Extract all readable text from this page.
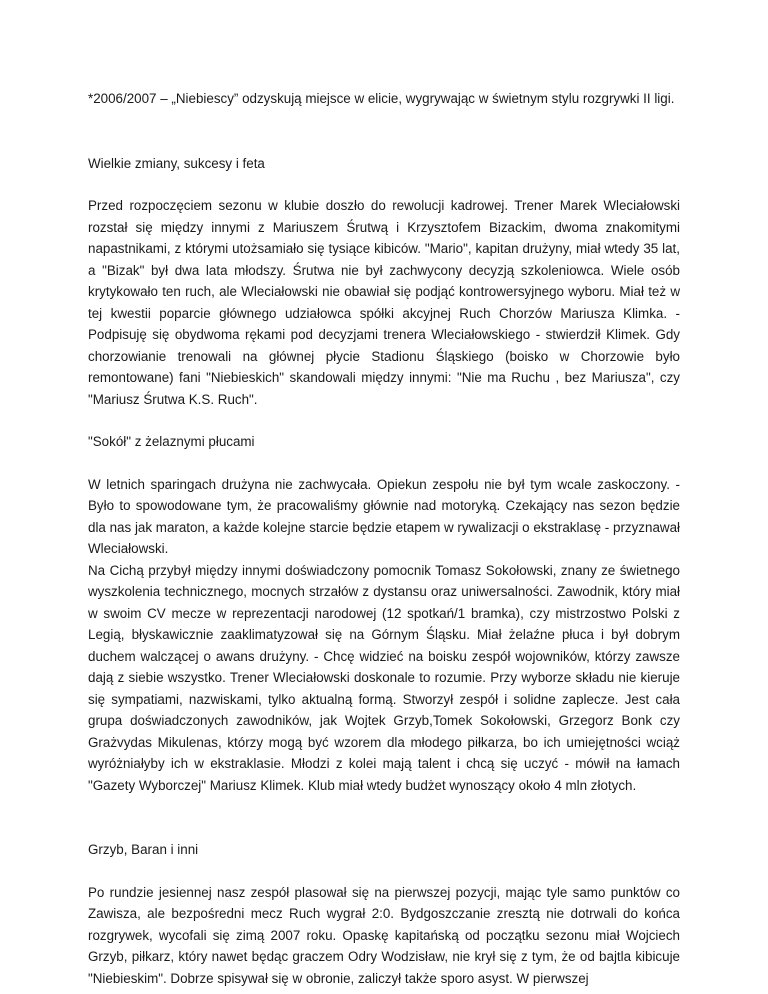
*2006/2007 – „Niebiescy” odzyskują miejsce w elicie, wygrywając w świetnym stylu rozgrywki II ligi.

Wielkie zmiany, sukcesy i feta

Przed rozpoczęciem sezonu w klubie doszło do rewolucji kadrowej. Trener Marek Wleciałowski rozstał się między innymi z Mariuszem Śrutwą i Krzysztofem Bizackim, dwoma znakomitymi napastnikami, z którymi utożsamiało się tysiące kibiców. "Mario", kapitan drużyny, miał wtedy 35 lat, a "Bizak" był dwa lata młodszy. Śrutwa nie był zachwycony decyzją szkoleniowca. Wiele osób krytykowało ten ruch, ale Wleciałowski nie obawiał się podjąć kontrowersyjnego wyboru. Miał też w tej kwestii poparcie głównego udziałowca spółki akcyjnej Ruch Chorzów Mariusza Klimka. - Podpisuję się obydwoma rękami pod decyzjami trenera Wleciałowskiego - stwierdził Klimek. Gdy chorzowianie trenowali na głównej płycie Stadionu Śląskiego (boisko w Chorzowie było remontowane) fani "Niebieskich" skandowali między innymi: "Nie ma Ruchu , bez Mariusza", czy "Mariusz Śrutwa K.S. Ruch".

"Sokół" z żelaznymi płucami

W letnich sparingach drużyna nie zachwycała. Opiekun zespołu nie był tym wcale zaskoczony. - Było to spowodowane tym, że pracowaliśmy głównie nad motoryką. Czekający nas sezon będzie dla nas jak maraton, a każde kolejne starcie będzie etapem w rywalizacji o ekstraklasę - przyznawał Wleciałowski.

Na Cichą przybył między innymi doświadczony pomocnik Tomasz Sokołowski, znany ze świetnego wyszkolenia technicznego, mocnych strzałów z dystansu oraz uniwersalności. Zawodnik, który miał w swoim CV mecze w reprezentacji narodowej (12 spotkań/1 bramka), czy mistrzostwo Polski z Legią, błyskawicznie zaaklimatyzował się na Górnym Śląsku. Miał żelaźne płuca i był dobrym duchem walczącej o awans drużyny. - Chcę widzieć na boisku zespół wojowników, którzy zawsze dają z siebie wszystko. Trener Wleciałowski doskonale to rozumie. Przy wyborze składu nie kieruje się sympatiami, nazwiskami, tylko aktualną formą. Stworzył zespół i solidne zaplecze. Jest cała grupa doświadczonych zawodników, jak Wojtek Grzyb,Tomek Sokołowski, Grzegorz Bonk czy Grażvydas Mikulenas, którzy mogą być wzorem dla młodego piłkarza, bo ich umiejętności wciąż wyróżniałyby ich w ekstraklasie. Młodzi z kolei mają talent i chcą się uczyć - mówił na łamach "Gazety Wyborczej" Mariusz Klimek. Klub miał wtedy budżet wynoszący około 4 mln złotych.

Grzyb, Baran i inni

Po rundzie jesiennej nasz zespół plasował się na pierwszej pozycji, mając tyle samo punktów co Zawisza, ale bezpośredni mecz Ruch wygrał 2:0. Bydgoszczanie zresztą nie dotrwali do końca rozgrywek, wycofali się zimą 2007 roku. Opaskę kapitańską od początku sezonu miał Wojciech Grzyb, piłkarz, który nawet będąc graczem Odry Wodzisław, nie krył się z tym, że od bajtla kibicuje "Niebieskim". Dobrze spisywał się w obronie, zaliczył także sporo asyst. W pierwszej
